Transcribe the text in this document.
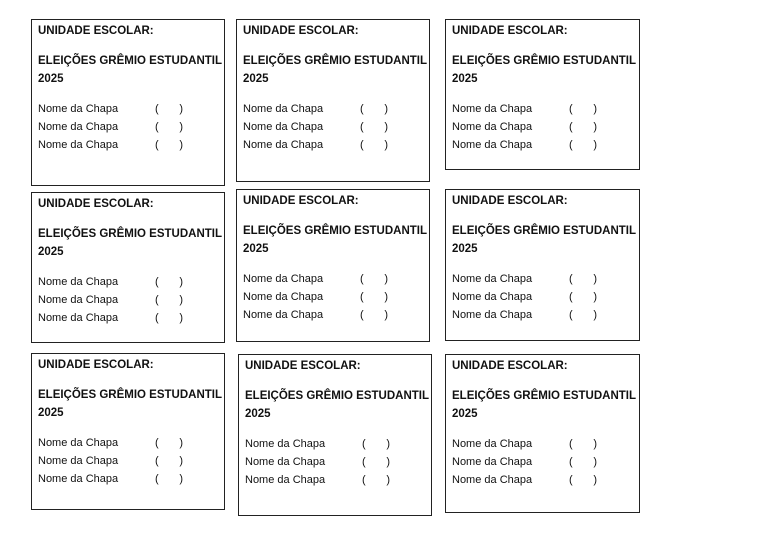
UNIDADE ESCOLAR:
ELEIÇÕES GRÊMIO ESTUDANTIL
2025
Nome da Chapa	( )
Nome da Chapa	( )
Nome da Chapa	( )
UNIDADE ESCOLAR:
ELEIÇÕES GRÊMIO ESTUDANTIL
2025
Nome da Chapa	( )
Nome da Chapa	( )
Nome da Chapa	( )
UNIDADE ESCOLAR:
ELEIÇÕES GRÊMIO ESTUDANTIL
2025
Nome da Chapa	( )
Nome da Chapa	( )
Nome da Chapa	( )
UNIDADE ESCOLAR:
ELEIÇÕES GRÊMIO ESTUDANTIL
2025
Nome da Chapa	( )
Nome da Chapa	( )
Nome da Chapa	( )
UNIDADE ESCOLAR:
ELEIÇÕES GRÊMIO ESTUDANTIL
2025
Nome da Chapa	( )
Nome da Chapa	( )
Nome da Chapa	( )
UNIDADE ESCOLAR:
ELEIÇÕES GRÊMIO ESTUDANTIL
2025
Nome da Chapa	( )
Nome da Chapa	( )
Nome da Chapa	( )
UNIDADE ESCOLAR:
ELEIÇÕES GRÊMIO ESTUDANTIL
2025
Nome da Chapa	( )
Nome da Chapa	( )
Nome da Chapa	( )
UNIDADE ESCOLAR:
ELEIÇÕES GRÊMIO ESTUDANTIL
2025
Nome da Chapa	( )
Nome da Chapa	( )
Nome da Chapa	( )
UNIDADE ESCOLAR:
ELEIÇÕES GRÊMIO ESTUDANTIL
2025
Nome da Chapa	( )
Nome da Chapa	( )
Nome da Chapa	( )
